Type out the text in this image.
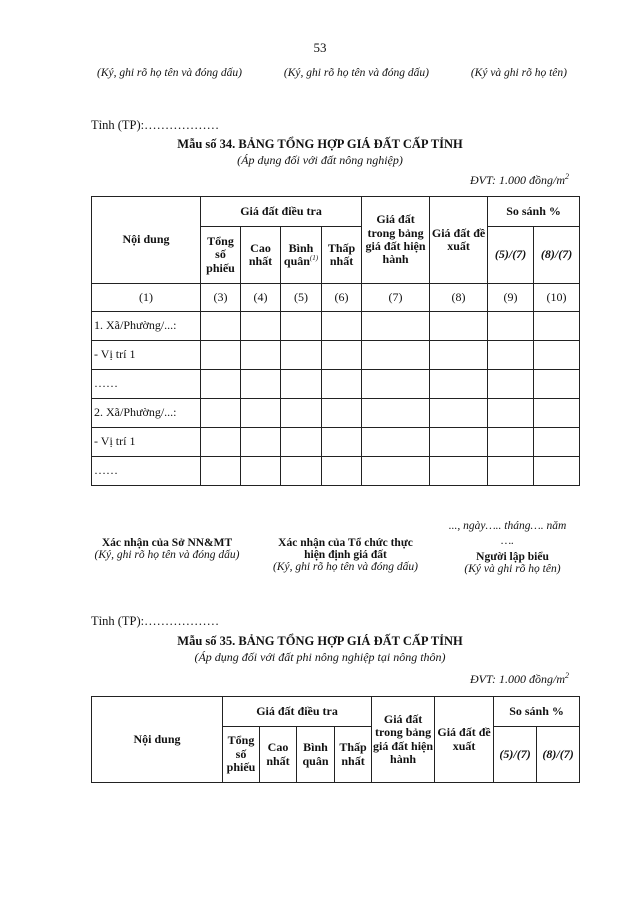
53
(Ký, ghi rõ họ tên và đóng dấu)	(Ký, ghi rõ họ tên và đóng dấu)	(Ký và ghi rõ họ tên)
Tỉnh (TP):………………
Mẫu số 34. BẢNG TỔNG HỢP GIÁ ĐẤT CẤP TỈNH
(Áp dụng đối với đất nông nghiệp)
ĐVT: 1.000 đồng/$m^2$
Nội dung	Giá đất điều tra				Giá đất trong bảng giá đất hiện hành	Giá đất đề xuất	So sánh %	
	Tổng số phiếu	Cao nhất	Bình quân$^{(1)}$	Thấp nhất			(5)/(7)	(8)/(7)
(1)	(3)	(4)	(5)	(6)	(7)	(8)	(9)	(10)
1. Xã/Phường/...:								
- Vị trí 1								
……								
2. Xã/Phường/...:								
- Vị trí 1								
……								
..., ngày….. tháng…. năm
….
Xác nhận của Sở NN&MT
(Ký, ghi rõ họ tên và đóng dấu)
Xác nhận của Tổ chức thực hiện định giá đất
(Ký, ghi rõ họ tên và đóng dấu)
Người lập biểu
(Ký và ghi rõ họ tên)
Tỉnh (TP):………………
Mẫu số 35. BẢNG TỔNG HỢP GIÁ ĐẤT CẤP TỈNH
(Áp dụng đối với đất phi nông nghiệp tại nông thôn)
ĐVT: 1.000 đồng/$m^2$
Nội dung	Giá đất điều tra				Giá đất trong bảng giá đất hiện hành	Giá đất đề xuất	So sánh %	
	Tổng số phiếu	Cao nhất	Bình quân	Thấp nhất			(5)/(7)	(8)/(7)
